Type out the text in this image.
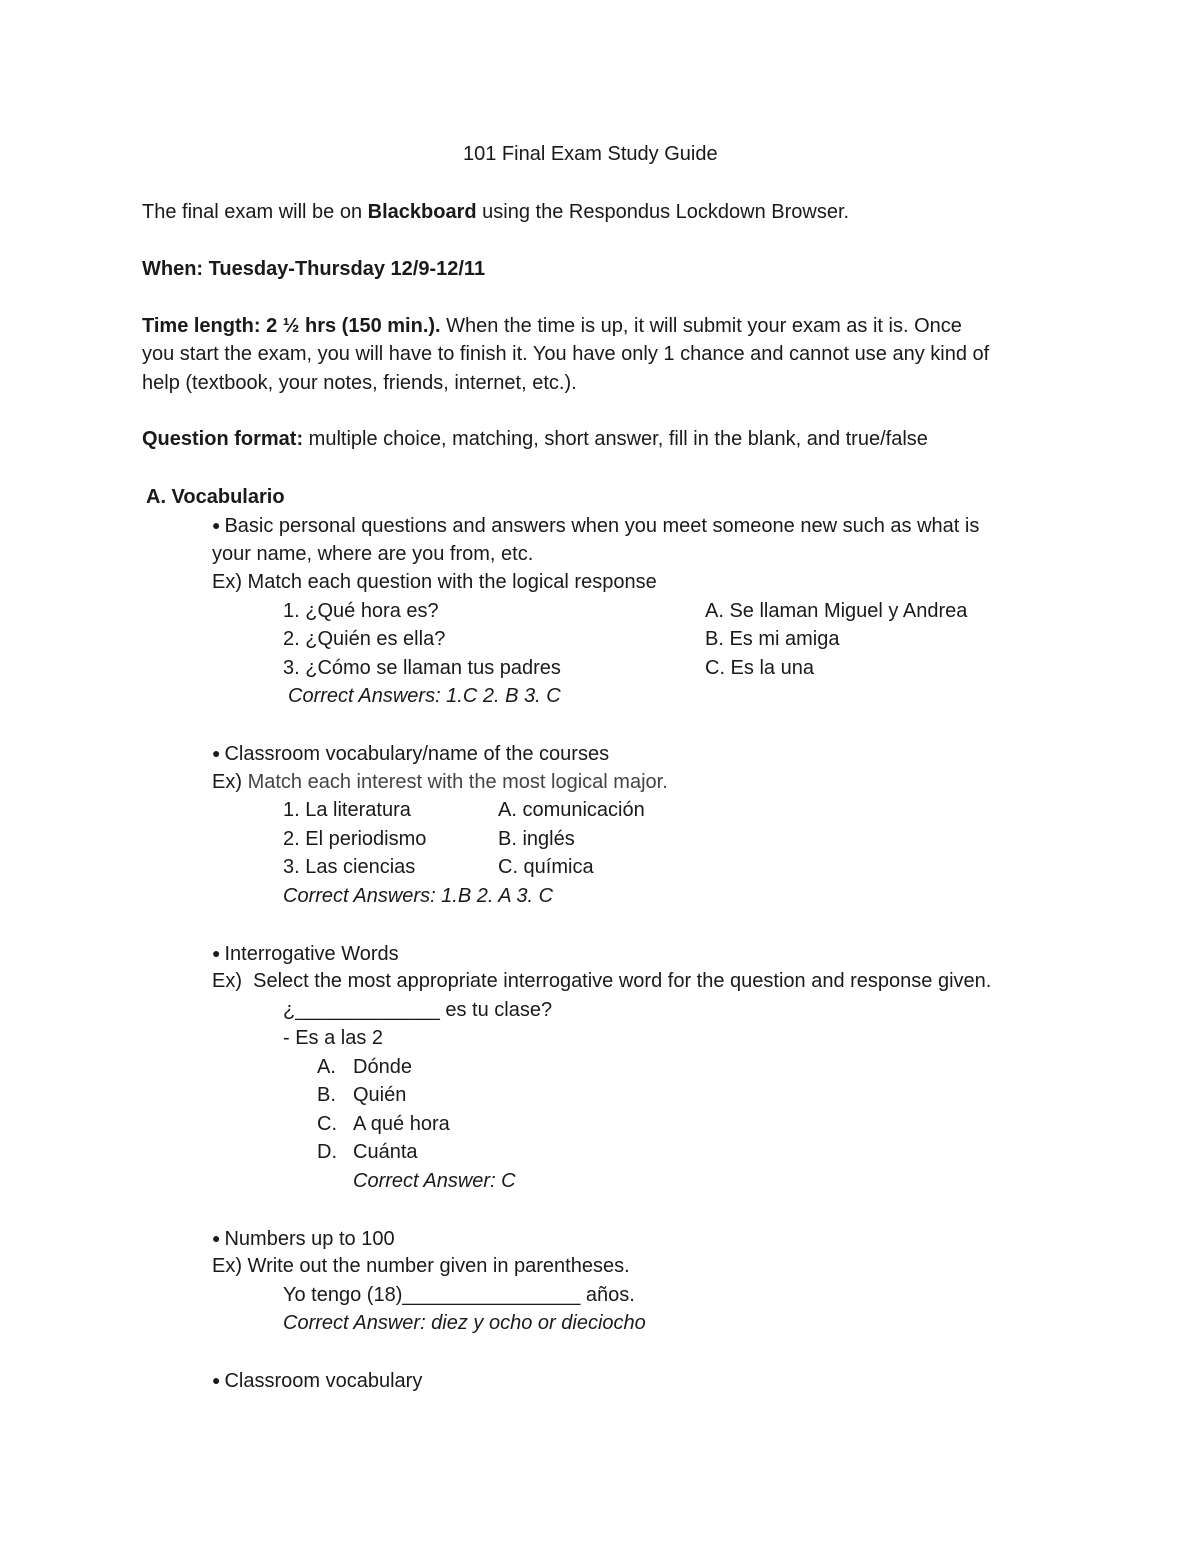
101 Final Exam Study Guide
The final exam will be on Blackboard using the Respondus Lockdown Browser.
When: Tuesday-Thursday 12/9-12/11
Time length: 2 ½ hrs (150 min.). When the time is up, it will submit your exam as it is. Once
you start the exam, you will have to finish it. You have only 1 chance and cannot use any kind of
help (textbook, your notes, friends, internet, etc.).
Question format: multiple choice, matching, short answer, fill in the blank, and true/false
A. Vocabulario
● Basic personal questions and answers when you meet someone new such as what is
your name, where are you from, etc.
Ex) Match each question with the logical response
1. ¿Qué hora es?
2. ¿Quién es ella?
3. ¿Cómo se llaman tus padres
A. Se llaman Miguel y Andrea
B. Es mi amiga
C. Es la una
Correct Answers: 1.C 2. B 3. C
● Classroom vocabulary/name of the courses
Ex) Match each interest with the most logical major.
1. La literatura
2. El periodismo
3. Las ciencias
A. comunicación
B. inglés
C. química
Correct Answers: 1.B 2. A 3. C
● Interrogative Words
Ex)  Select the most appropriate interrogative word for the question and response given.
¿_____________ es tu clase?
- Es a las 2
A. Dónde
B. Quién
C. A qué hora
D. Cuánta
Correct Answer: C
● Numbers up to 100
Ex) Write out the number given in parentheses.
Yo tengo (18)________________ años.
Correct Answer: diez y ocho or dieciocho
● Classroom vocabulary
